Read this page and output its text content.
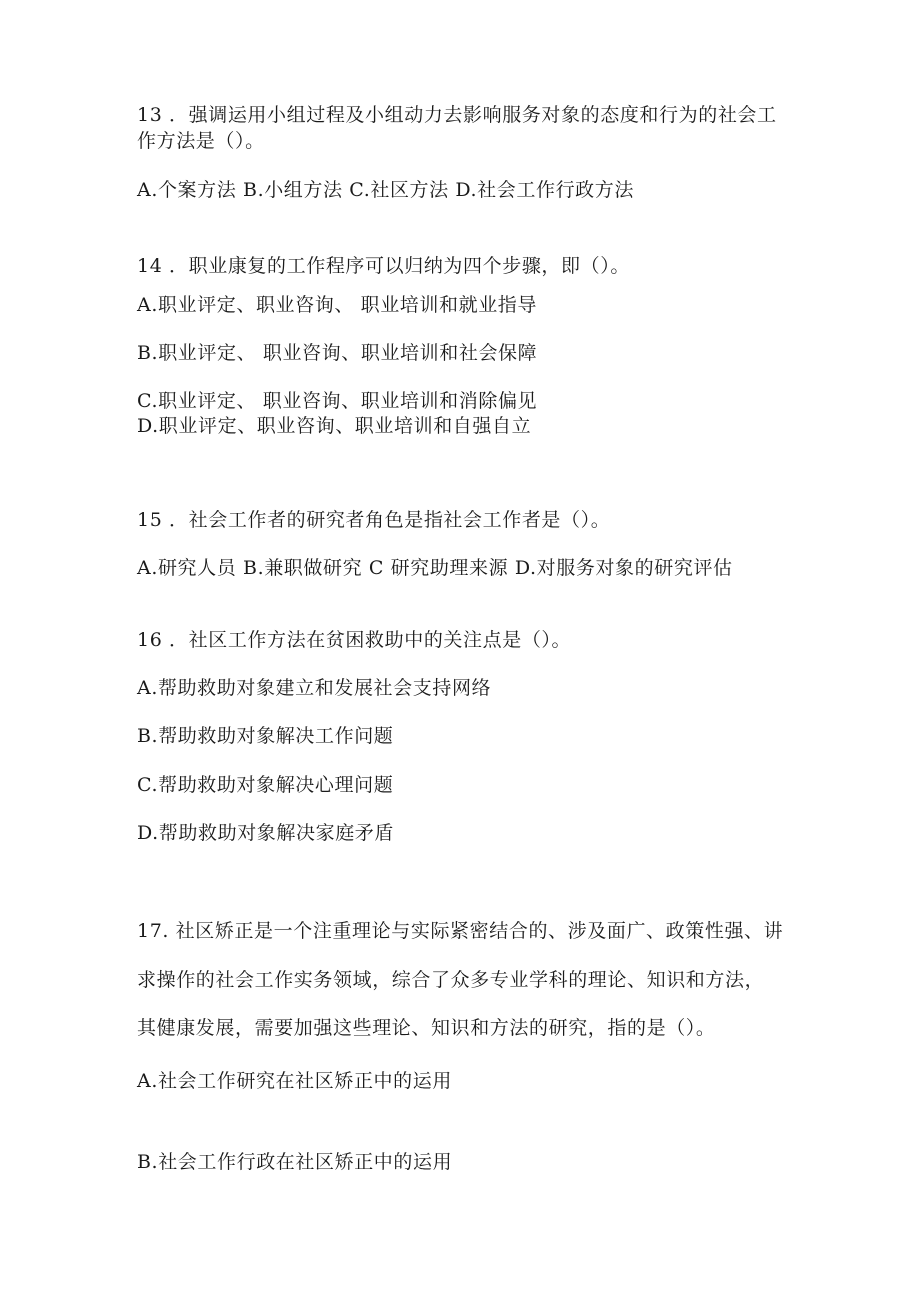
13 ．强调运用小组过程及小组动力去影响服务对象的态度和行为的社会工
作方法是（）。
A.个案方法 B.小组方法 C.社区方法 D.社会工作行政方法
14 ．职业康复的工作程序可以归纳为四个步骤，即（）。
A.职业评定、职业咨询、 职业培训和就业指导
B.职业评定、 职业咨询、职业培训和社会保障
C.职业评定、 职业咨询、职业培训和消除偏见
D.职业评定、职业咨询、职业培训和自强自立
15 ．社会工作者的研究者角色是指社会工作者是（）。
A.研究人员 B.兼职做研究 C 研究助理来源 D.对服务对象的研究评估
16 ．社区工作方法在贫困救助中的关注点是（）。
A.帮助救助对象建立和发展社会支持网络
B.帮助救助对象解决工作问题
C.帮助救助对象解决心理问题
D.帮助救助对象解决家庭矛盾
17. 社区矫正是一个注重理论与实际紧密结合的、涉及面广、政策性强、讲
求操作的社会工作实务领域，综合了众多专业学科的理论、知识和方法，
其健康发展，需要加强这些理论、知识和方法的研究，指的是（）。
A.社会工作研究在社区矫正中的运用
B.社会工作行政在社区矫正中的运用
